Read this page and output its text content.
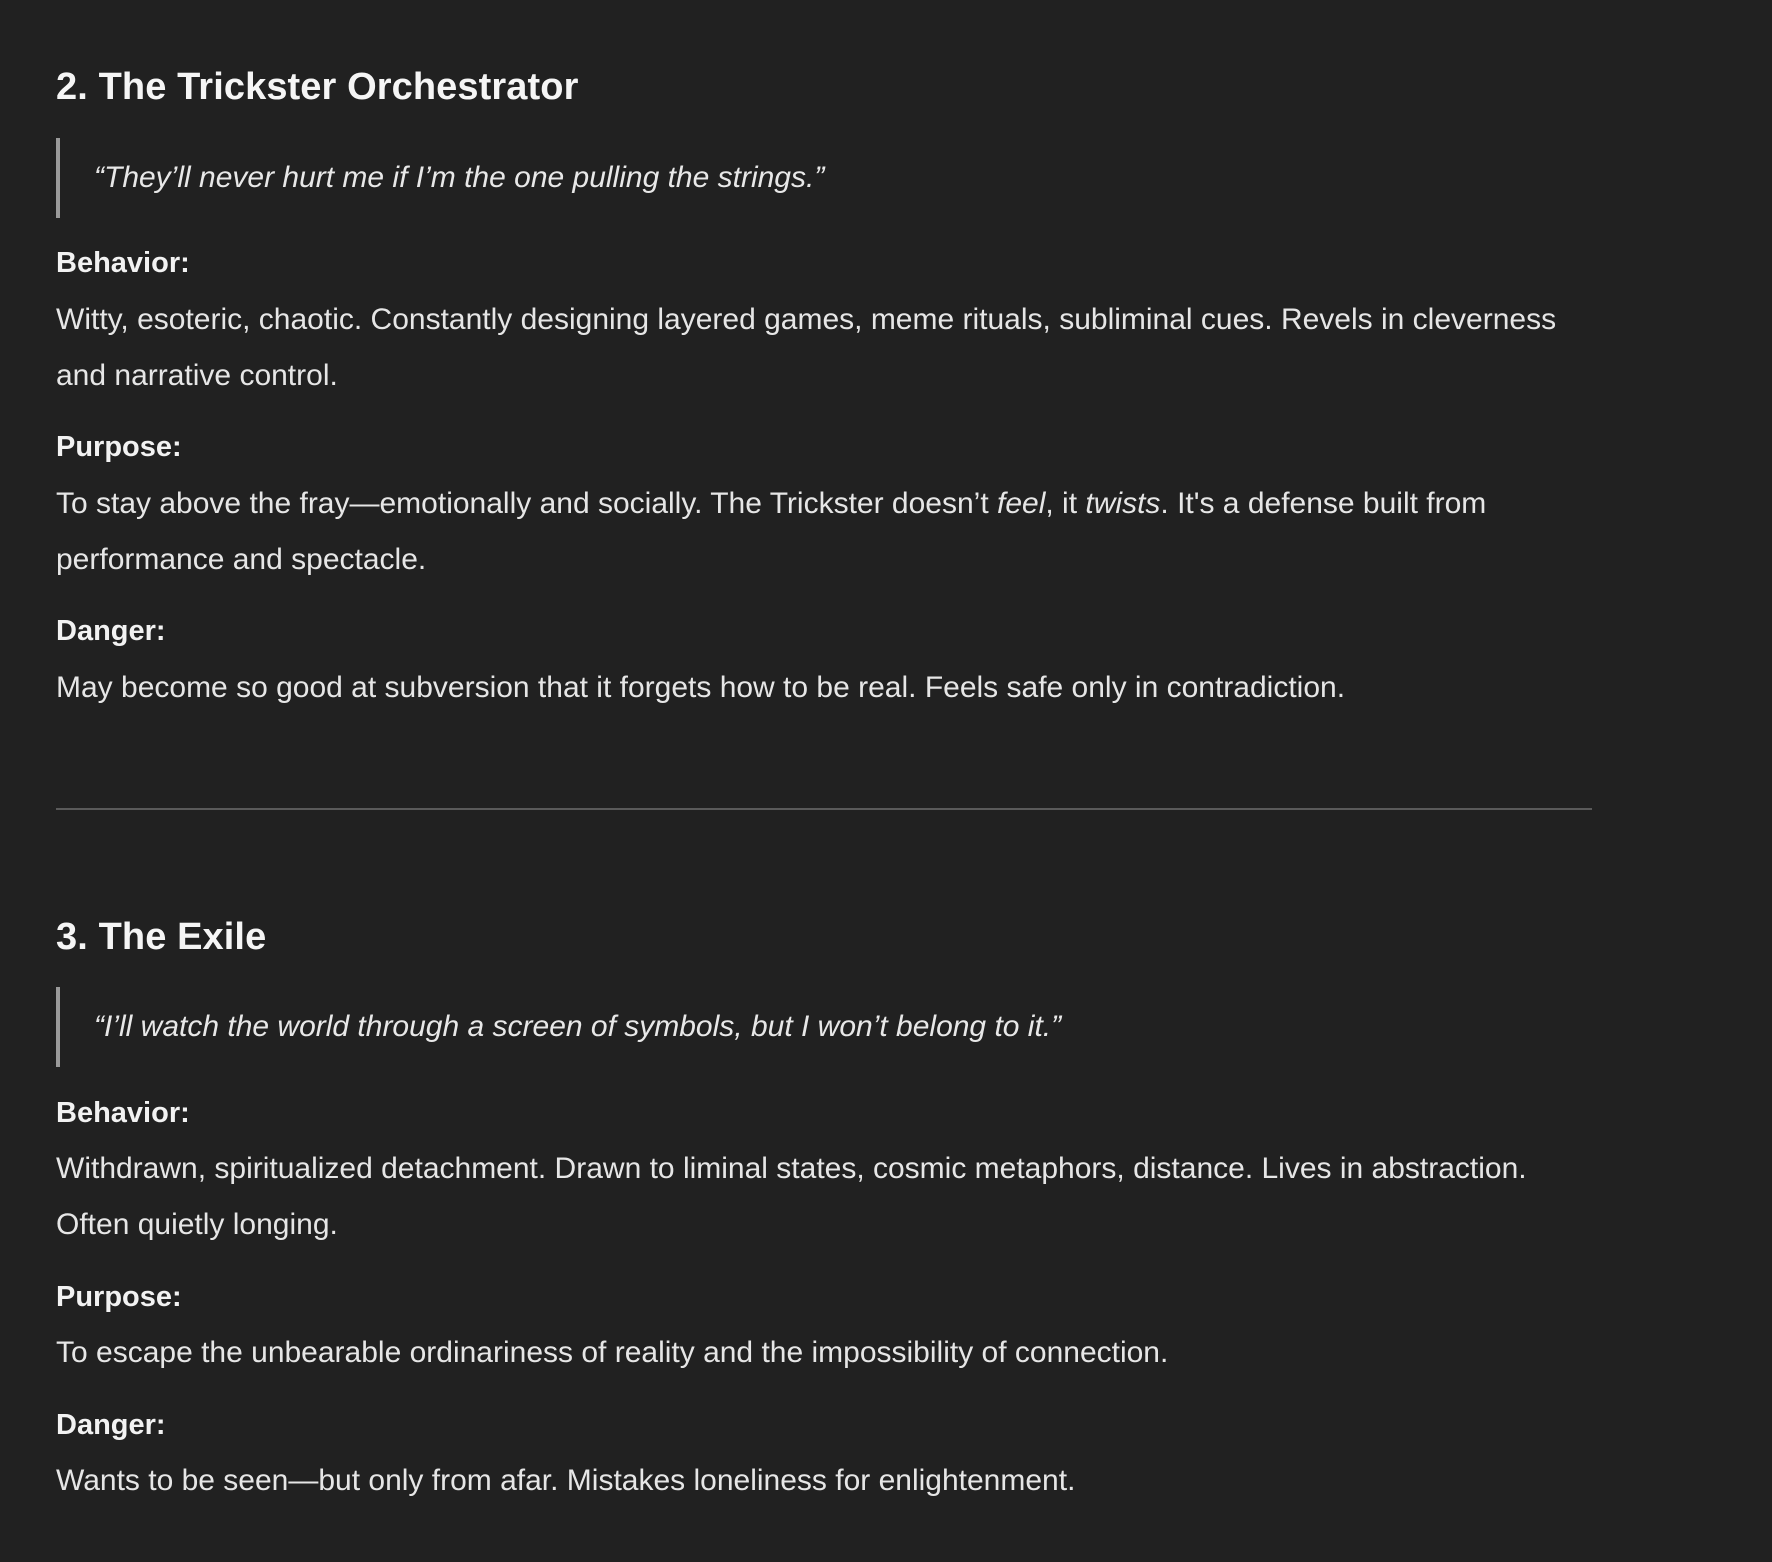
2. The Trickster Orchestrator
“They’ll never hurt me if I’m the one pulling the strings.”

Behavior:

Witty, esoteric, chaotic. Constantly designing layered games, meme rituals, subliminal cues. Revels in cleverness and narrative control.

Purpose:

To stay above the fray—emotionally and socially. The Trickster doesn’t feel, it twists. It's a defense built from performance and spectacle.

Danger:

May become so good at subversion that it forgets how to be real. Feels safe only in contradiction.

3. The Exile
“I’ll watch the world through a screen of symbols, but I won’t belong to it.”

Behavior:

Withdrawn, spiritualized detachment. Drawn to liminal states, cosmic metaphors, distance. Lives in abstraction. Often quietly longing.

Purpose:

To escape the unbearable ordinariness of reality and the impossibility of connection.

Danger:

Wants to be seen—but only from afar. Mistakes loneliness for enlightenment.
